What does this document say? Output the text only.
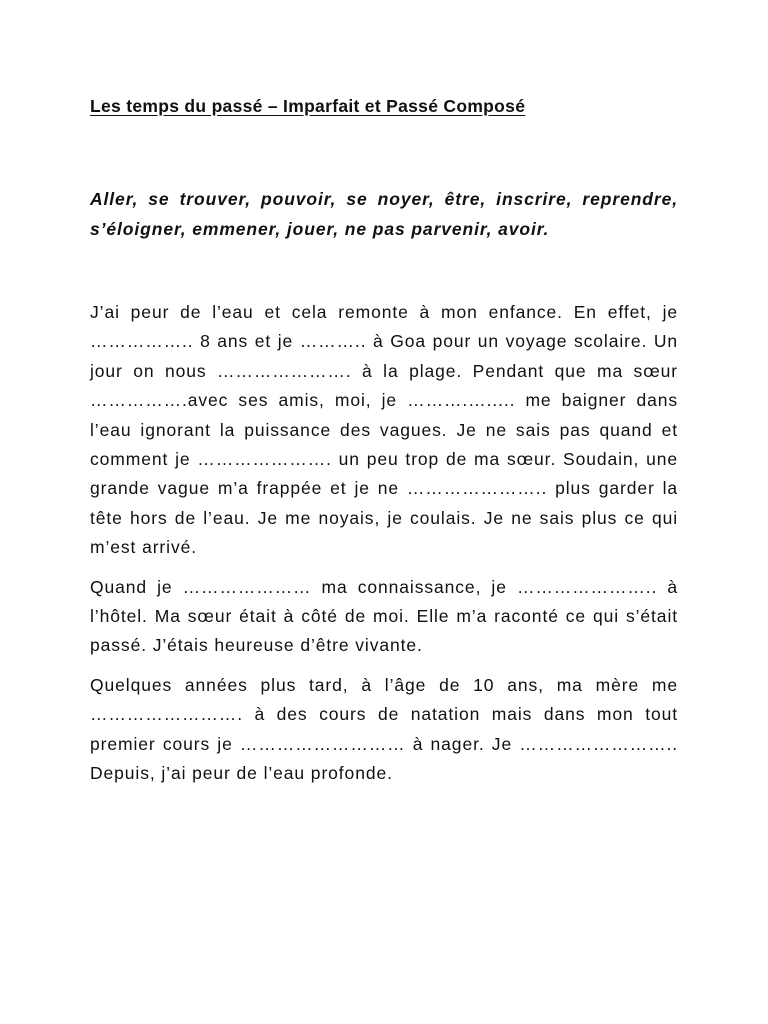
Les temps du passé – Imparfait et Passé Composé

Aller, se trouver, pouvoir, se noyer, être, inscrire, reprendre, s’éloigner, emmener, jouer, ne pas parvenir, avoir.

J’ai peur de l’eau et cela remonte à mon enfance. En effet, je …………….. 8 ans et je ……….. à Goa pour un voyage scolaire. Un jour on nous …………………. à la plage. Pendant que ma sœur …………….avec ses amis, moi, je ……….…..... me baigner dans l’eau ignorant la puissance des vagues. Je ne sais pas quand et comment je …………………. un peu trop de ma sœur. Soudain, une grande vague m’a frappée et je ne ………………….. plus garder la tête hors de l’eau. Je me noyais, je coulais. Je ne sais plus ce qui m’est arrivé.

Quand je ………………… ma connaissance, je ………………….. à l’hôtel. Ma sœur était à côté de moi. Elle m’a raconté ce qui s’était passé. J’étais heureuse d’être vivante.

Quelques années plus tard, à l’âge de 10 ans, ma mère me ……………………. à des cours de natation mais dans mon tout premier cours je ……………………… à nager. Je …………………….. Depuis, j’ai peur de l’eau profonde.
